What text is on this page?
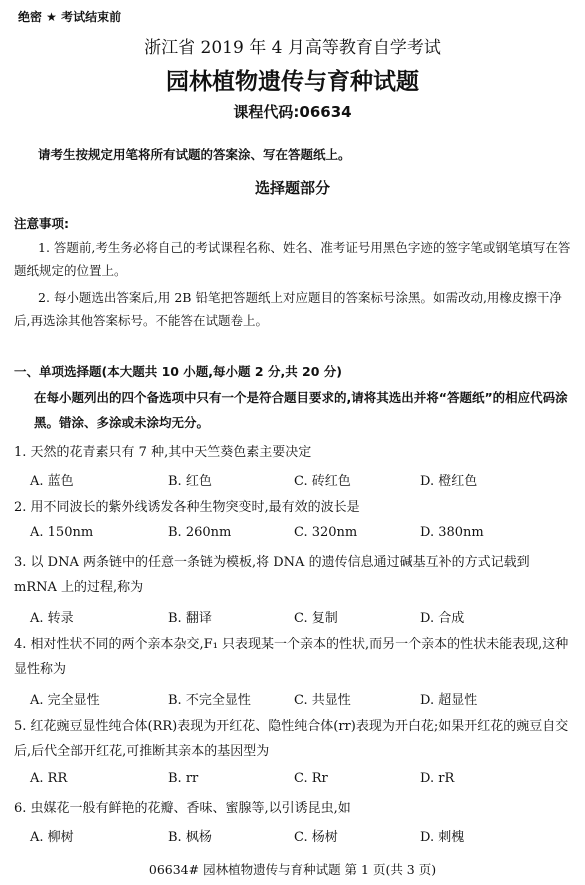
绝密 ★ 考试结束前
浙江省 2019 年 4 月高等教育自学考试
园林植物遗传与育种试题
课程代码:06634
请考生按规定用笔将所有试题的答案涂、写在答题纸上。
选择题部分
注意事项:
1. 答题前,考生务必将自己的考试课程名称、姓名、准考证号用黑色字迹的签字笔或钢笔填写在答题纸规定的位置上。
2. 每小题选出答案后,用 2B 铅笔把答题纸上对应题目的答案标号涂黑。如需改动,用橡皮擦干净后,再选涂其他答案标号。不能答在试题卷上。
一、单项选择题(本大题共 10 小题,每小题 2 分,共 20 分)
在每小题列出的四个备选项中只有一个是符合题目要求的,请将其选出并将“答题纸”的相应代码涂黑。错涂、多涂或未涂均无分。
1. 天然的花青素只有 7 种,其中天竺葵色素主要决定
A. 蓝色	B. 红色	C. 砖红色	D. 橙红色
2. 用不同波长的紫外线诱发各种生物突变时,最有效的波长是
A. 150nm	B. 260nm	C. 320nm	D. 380nm
3. 以 DNA 两条链中的任意一条链为模板,将 DNA 的遗传信息通过碱基互补的方式记载到 mRNA 上的过程,称为
A. 转录	B. 翻译	C. 复制	D. 合成
4. 相对性状不同的两个亲本杂交,F₁ 只表现某一个亲本的性状,而另一个亲本的性状未能表现,这种显性称为
A. 完全显性	B. 不完全显性	C. 共显性	D. 超显性
5. 红花豌豆显性纯合体(RR)表现为开红花、隐性纯合体(rr)表现为开白花;如果开红花的豌豆自交后,后代全部开红花,可推断其亲本的基因型为
A. RR	B. rr	C. Rr	D. rR
6. 虫媒花一般有鲜艳的花瓣、香味、蜜腺等,以引诱昆虫,如
A. 柳树	B. 枫杨	C. 杨树	D. 刺槐
06634# 园林植物遗传与育种试题 第 1 页(共 3 页)
